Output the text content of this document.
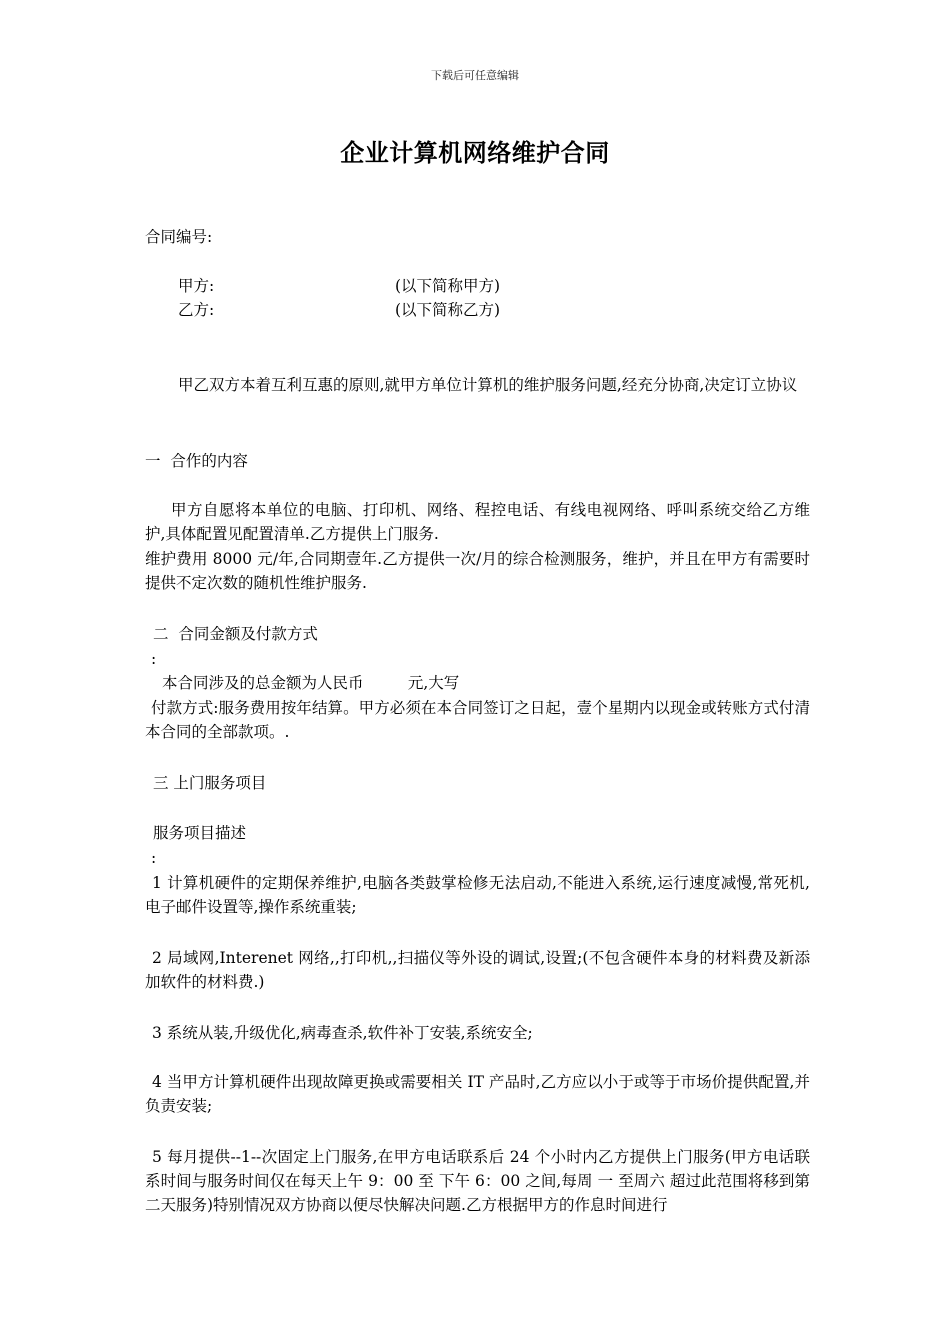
下载后可任意编辑
企业计算机网络维护合同
合同编号:
甲方:	(以下简称甲方)
乙方:	(以下简称乙方)
甲乙双方本着互利互惠的原则,就甲方单位计算机的维护服务问题,经充分协商,决定订立协议
一  合作的内容
甲方自愿将本单位的电脑、打印机、网络、程控电话、有线电视网络、呼叫系统交给乙方维护,具体配置见配置清单.乙方提供上门服务.
维护费用 8000 元/年,合同期壹年.乙方提供一次/月的综合检测服务，维护，并且在甲方有需要时提供不定次数的随机性维护服务.
二  合同金额及付款方式
:
本合同涉及的总金额为人民币         元,大写
付款方式:服务费用按年结算。甲方必须在本合同签订之日起，壹个星期内以现金或转账方式付清本合同的全部款项。.
三 上门服务项目
服务项目描述
:
1 计算机硬件的定期保养维护,电脑各类鼓掌检修无法启动,不能进入系统,运行速度减慢,常死机,电子邮件设置等,操作系统重装;
2 局域网,Interenet 网络,,打印机,,扫描仪等外设的调试,设置;(不包含硬件本身的材料费及新添加软件的材料费.)
3 系统从装,升级优化,病毒查杀,软件补丁安装,系统安全;
4 当甲方计算机硬件出现故障更换或需要相关 IT 产品时,乙方应以小于或等于市场价提供配置,并负责安装;
5 每月提供--1--次固定上门服务,在甲方电话联系后 24 个小时内乙方提供上门服务(甲方电话联系时间与服务时间仅在每天上午 9：00 至 下午 6：00 之间,每周 一 至周六 超过此范围将移到第二天服务)特别情况双方协商以便尽快解决问题.乙方根据甲方的作息时间进行
